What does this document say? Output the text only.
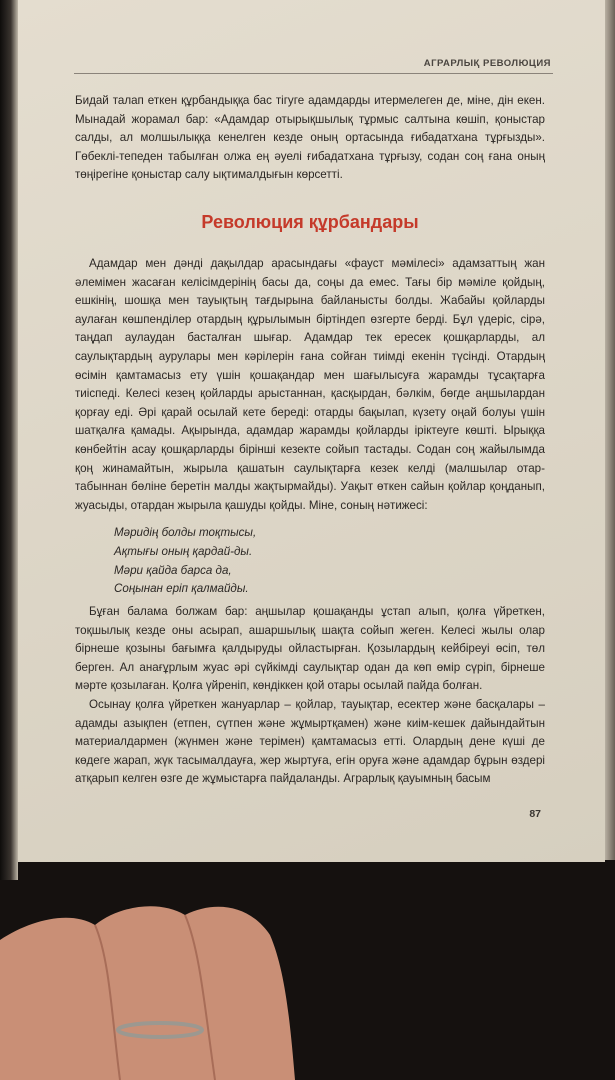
АГРАРЛЫҚ РЕВОЛЮЦИЯ

Бидай талап еткен құрбандыққа бас тігуге адамдарды итермелеген де, міне, дін екен. Мынадай жорамал бар: «Адамдар отырықшылық тұрмыс салтына көшіп, қоныстар салды, ал молшылыққа кенелген кезде оның ортасында ғибадатхана тұрғызды». Гөбеклі-тепеден табылған олжа ең әуелі ғибадатхана тұрғызу, содан соң ғана оның төңірегіне қоныстар салу ықтималдығын көрсетті.

Революция құрбандары

Адамдар мен дәнді дақылдар арасындағы «фауст мәмілесі» адамзаттың жан әлемімен жасаған келісімдерінің басы да, соңы да емес. Тағы бір мәміле қойдың, ешкінің, шошқа мен тауықтың тағдырына байланысты болды. Жабайы қойларды аулаған көшпенділер отардың құрылымын біртіндеп өзгерте берді. Бұл үдеріс, сірә, таңдап аулаудан басталған шығар. Адамдар тек ересек қошқарларды, ал саулықтардың аурулары мен кәрілерін ғана сойған тиімді екенін түсінді. Отардың өсімін қамтамасыз ету үшін қошақандар мен шағылысуға жарамды тұсақтарға тиіспеді. Келесі кезең қойларды арыстаннан, қасқырдан, бәлкім, бөгде аңшылардан қорғау еді. Әрі қарай осылай кете береді: отарды бақылап, күзету оңай болуы үшін шатқалға қамады. Ақырында, адамдар жарамды қойларды іріктеуге көшті. Ырыққа көнбейтін асау қошқарларды бірінші кезекте сойып тастады. Содан соң жайылымда қоң жинамайтын, жырыла қашатын саулықтарға кезек келді (малшылар отар-табыннан бөліне беретін малды жақтырмайды). Уақыт өткен сайын қойлар қоңданып, жуасыды, отардан жырыла қашуды қойды. Міне, соның нәтижесі:

Мәридің болды тоқтысы,
Ақтығы оның қардай-ды.
Мәри қайда барса да,
Соңынан еріп қалмайды.

Бұған балама болжам бар: аңшылар қошақанды ұстап алып, қолға үйреткен, тоқшылық кезде оны асырап, ашаршылық шақта сойып жеген. Келесі жылы олар бірнеше қозыны бағымға қалдыруды ойластырған. Қозылардың кейбіреуі өсіп, төл берген. Ал анағұрлым жуас әрі сүйкімді саулықтар одан да көп өмір сүріп, бірнеше мәрте қозылаған. Қолға үйреніп, көндіккен қой отары осылай пайда болған.

Осынау қолға үйреткен жануарлар – қойлар, тауықтар, есектер және басқалары – адамды азықпен (етпен, сүтпен және жұмыртқамен) және киім-кешек дайындайтын материалдармен (жүнмен және терімен) қамтамасыз етті. Олардың дене күші де көдеге жарап, жүк тасымалдауға, жер жыртуға, егін оруға және адамдар бұрын өздері атқарып келген өзге де жұмыстарға пайдаланды. Аграрлық қауымның басым

87
